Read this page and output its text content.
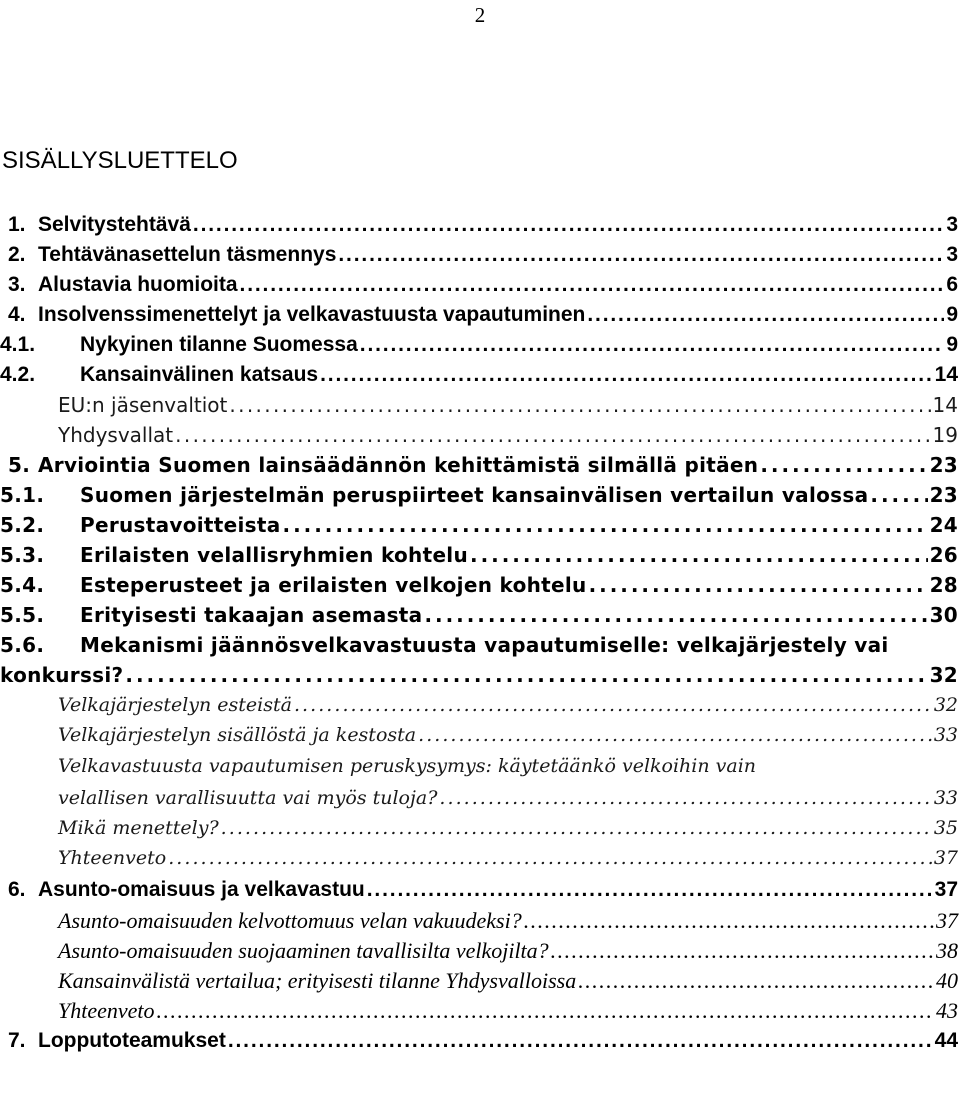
2
SISÄLLYSLUETTELO
1. Selvitystehtävä . . .	3
2. Tehtävänasettelun täsmennys . . .	3
3. Alustavia huomioita . . .	6
4. Insolvenssimenettelyt ja velkavastuusta vapautuminen . . .	9
4.1.	Nykyinen tilanne Suomessa . . .	9
4.2.	Kansainvälinen katsaus . . .	14
EU:n jäsenvaltiot . . .	14
Yhdysvallat . . .	19
5. Arviointia Suomen lainsäädännön kehittämistä silmällä pitäen . . .	23
5.1.	Suomen järjestelmän peruspiirteet kansainvälisen vertailun valossa . . .	23
5.2.	Perustavoitteista . . .	24
5.3.	Erilaisten velallisryhmien kohtelu . . .	26
5.4.	Esteperusteet ja erilaisten velkojen kohtelu . . .	28
5.5.	Erityisesti takaajan asemasta . . .	30
5.6.	Mekanismi jäännösvelkavastuusta vapautumiselle: velkajärjestely vai
konkurssi? . . .	32
Velkajärjestelyn esteistä . . .	32
Velkajärjestelyn sisällöstä ja kestosta . . .	33
Velkavastuusta vapautumisen peruskysymys: käytetäänkö velkoihin vain
velallisen varallisuutta vai myös tuloja? . . .	33
Mikä menettely? . . .	35
Yhteenveto . . .	37
6. Asunto-omaisuus ja velkavastuu . . .	37
Asunto-omaisuuden kelvottomuus velan vakuudeksi? . . .	37
Asunto-omaisuuden suojaaminen tavallisilta velkojilta? . . .	38
Kansainvälistä vertailua; erityisesti tilanne Yhdysvalloissa . . .	40
Yhteenveto . . .	43
7. Lopputoteamukset . . .	44
